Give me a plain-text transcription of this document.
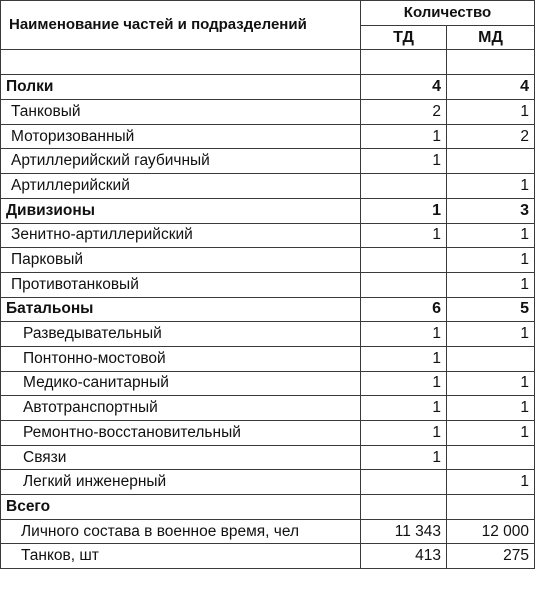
Наименование частей и подразделений	Количество	
	ТД	МД

Полки	4	4
Танковый	2	1
Моторизованный	1	2
Артиллерийский гаубичный	1	
Артиллерийский		1
Дивизионы	1	3
Зенитно-артиллерийский	1	1
Парковый		1
Противотанковый		1
Батальоны	6	5
Разведывательный	1	1
Понтонно-мостовой	1	
Медико-санитарный	1	1
Автотранспортный	1	1
Ремонтно-восстановительный	1	1
Связи	1	
Легкий инженерный		1
Всего		
Личного состава в военное время, чел	11 343	12 000
Танков, шт	413	275
